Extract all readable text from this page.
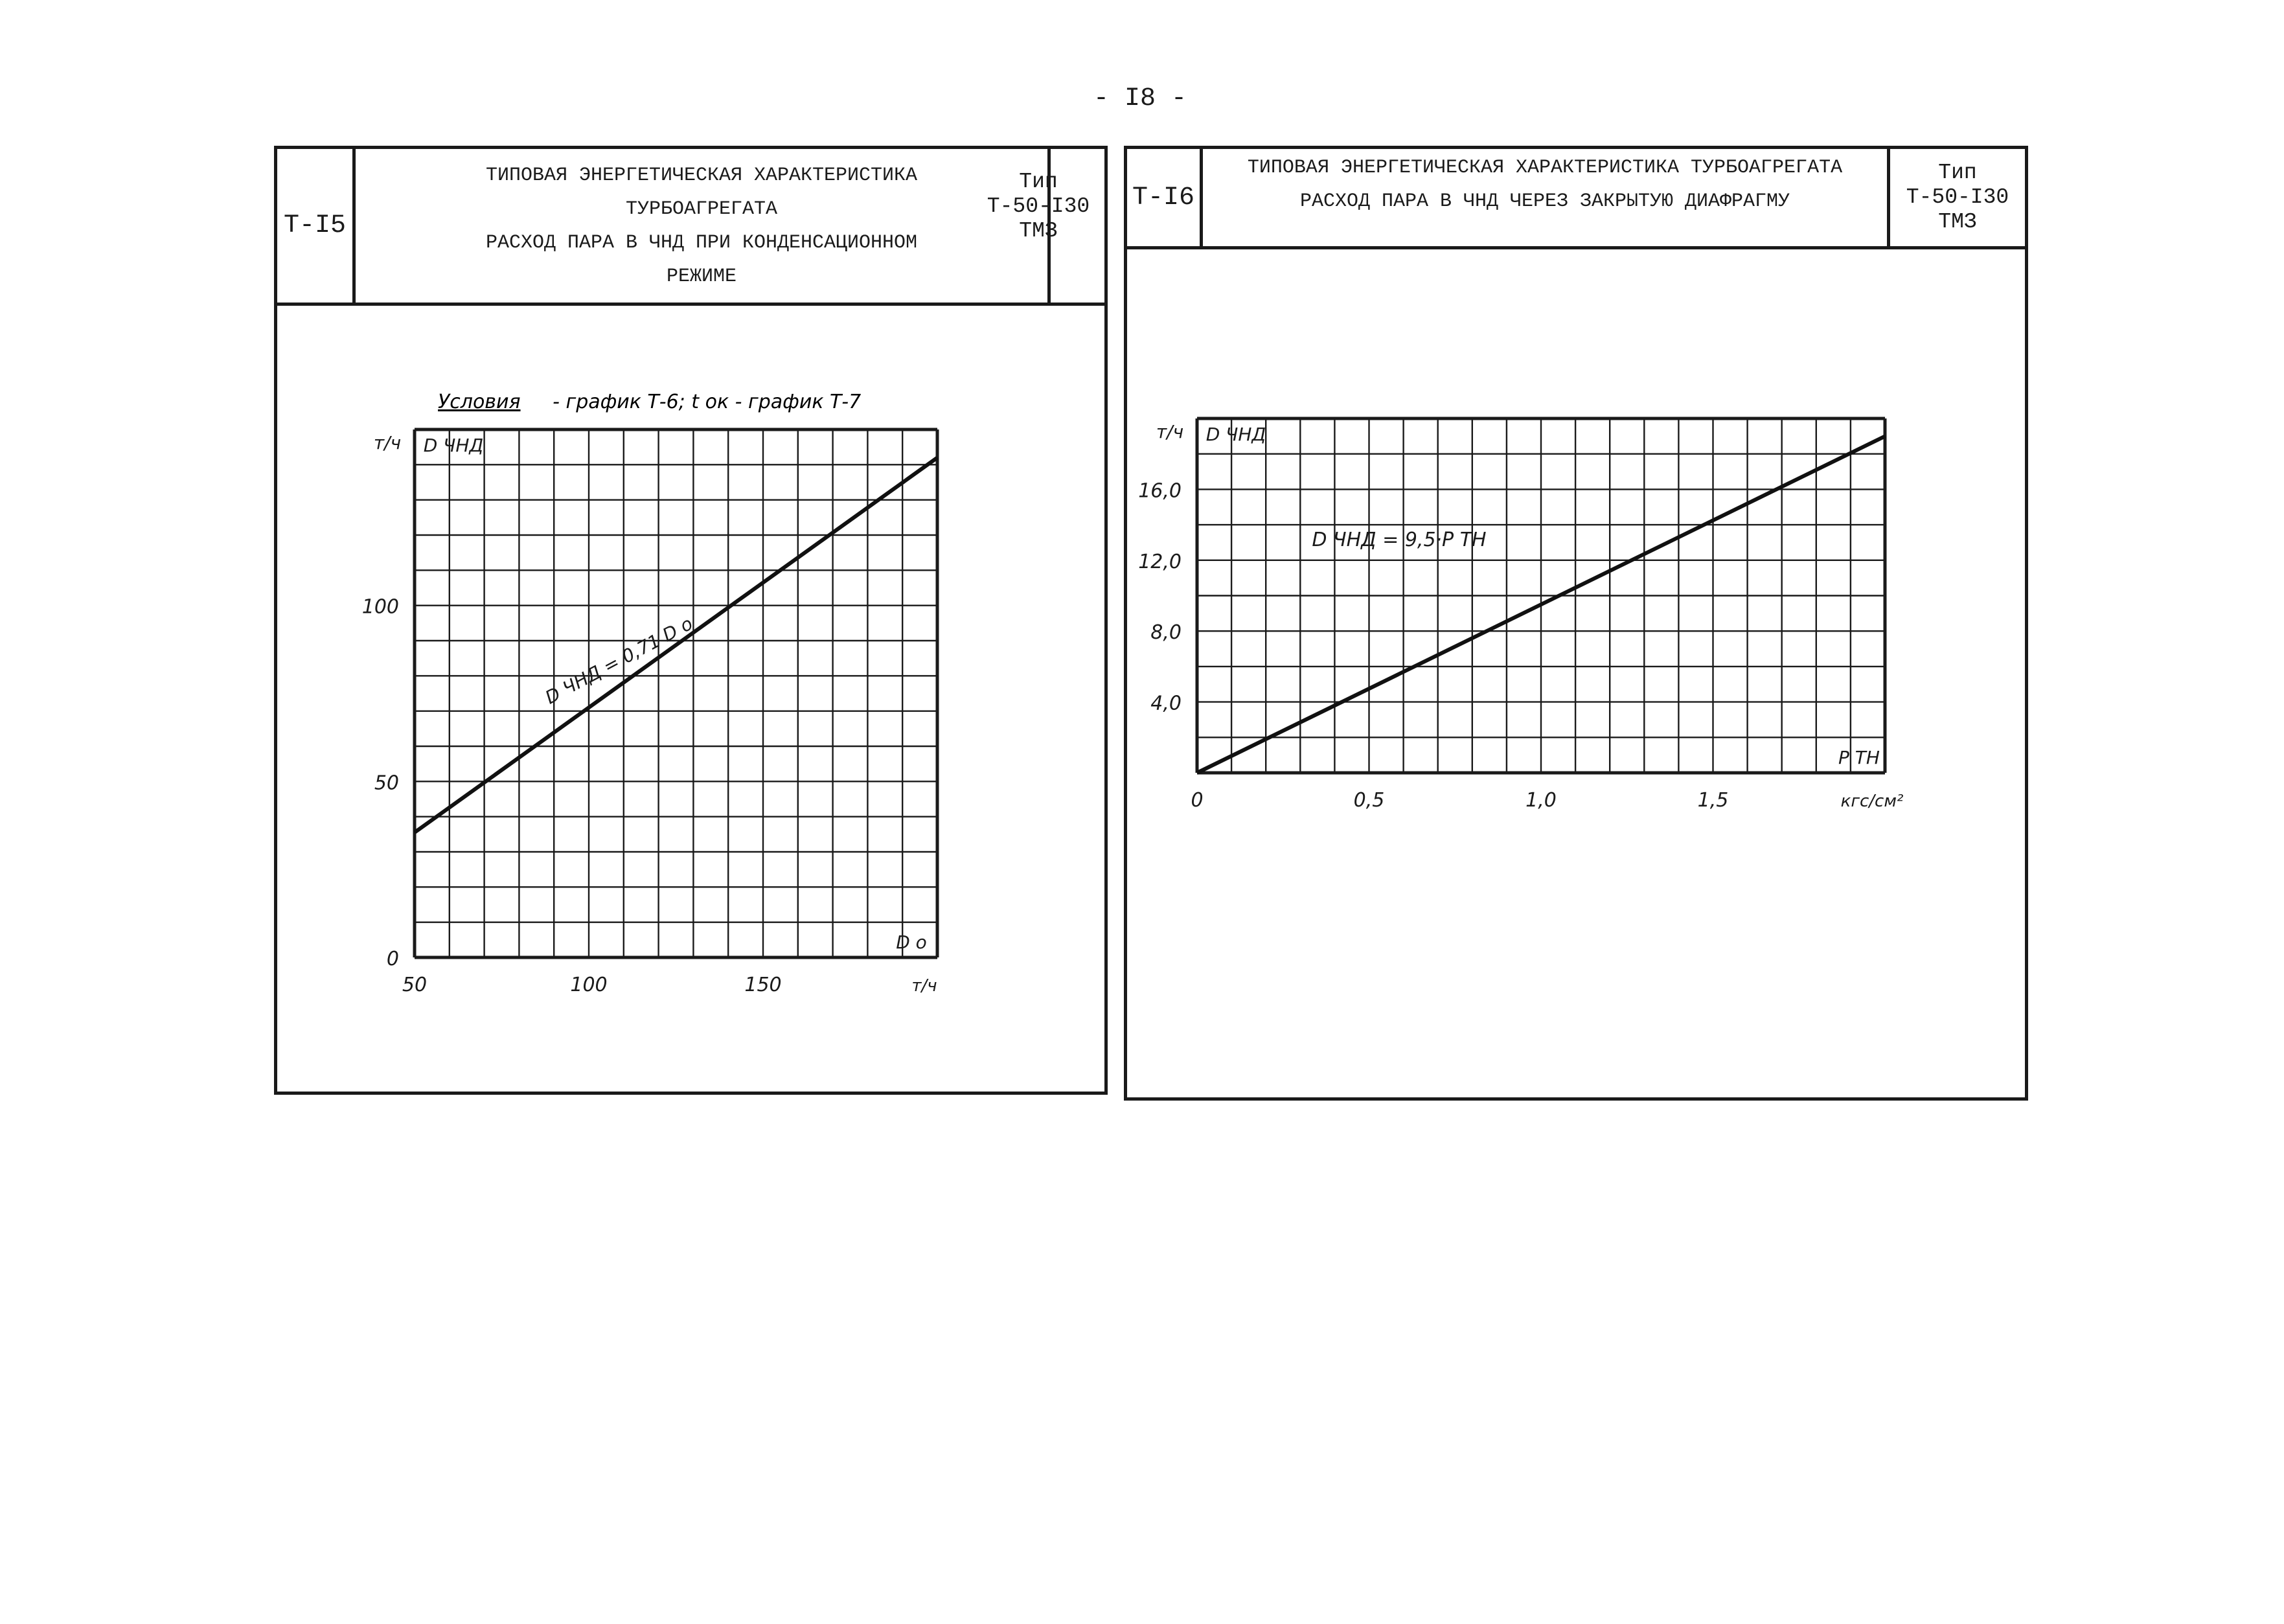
- I8 -
Т-I5
ТИПОВАЯ ЭНЕРГЕТИЧЕСКАЯ ХАРАКТЕРИСТИКА
ТУРБОАГРЕГАТА
РАСХОД ПАРА В ЧНД ПРИ КОНДЕНСАЦИОННОМ
РЕЖИМЕ
Тип
Т-50-I30
ТМЗ
Т-I6
ТИПОВАЯ ЭНЕРГЕТИЧЕСКАЯ ХАРАКТЕРИСТИКА ТУРБОАГРЕГАТА
РАСХОД ПАРА В ЧНД ЧЕРЕЗ ЗАКРЫТУЮ ДИАФРАГМУ
Тип
Т-50-I30
ТМЗ
Условия - график Т-6; t ок - график Т-7
50	100	150
0
50
100
т/ч D ЧНД
D о
т/ч
D ЧНД = 0,71 D о
0	0,5	1,0	1,5
4,0
8,0
12,0
16,0
т/ч D ЧНД
P ТН
кгс/см²
D ЧНД = 9,5·P ТН
